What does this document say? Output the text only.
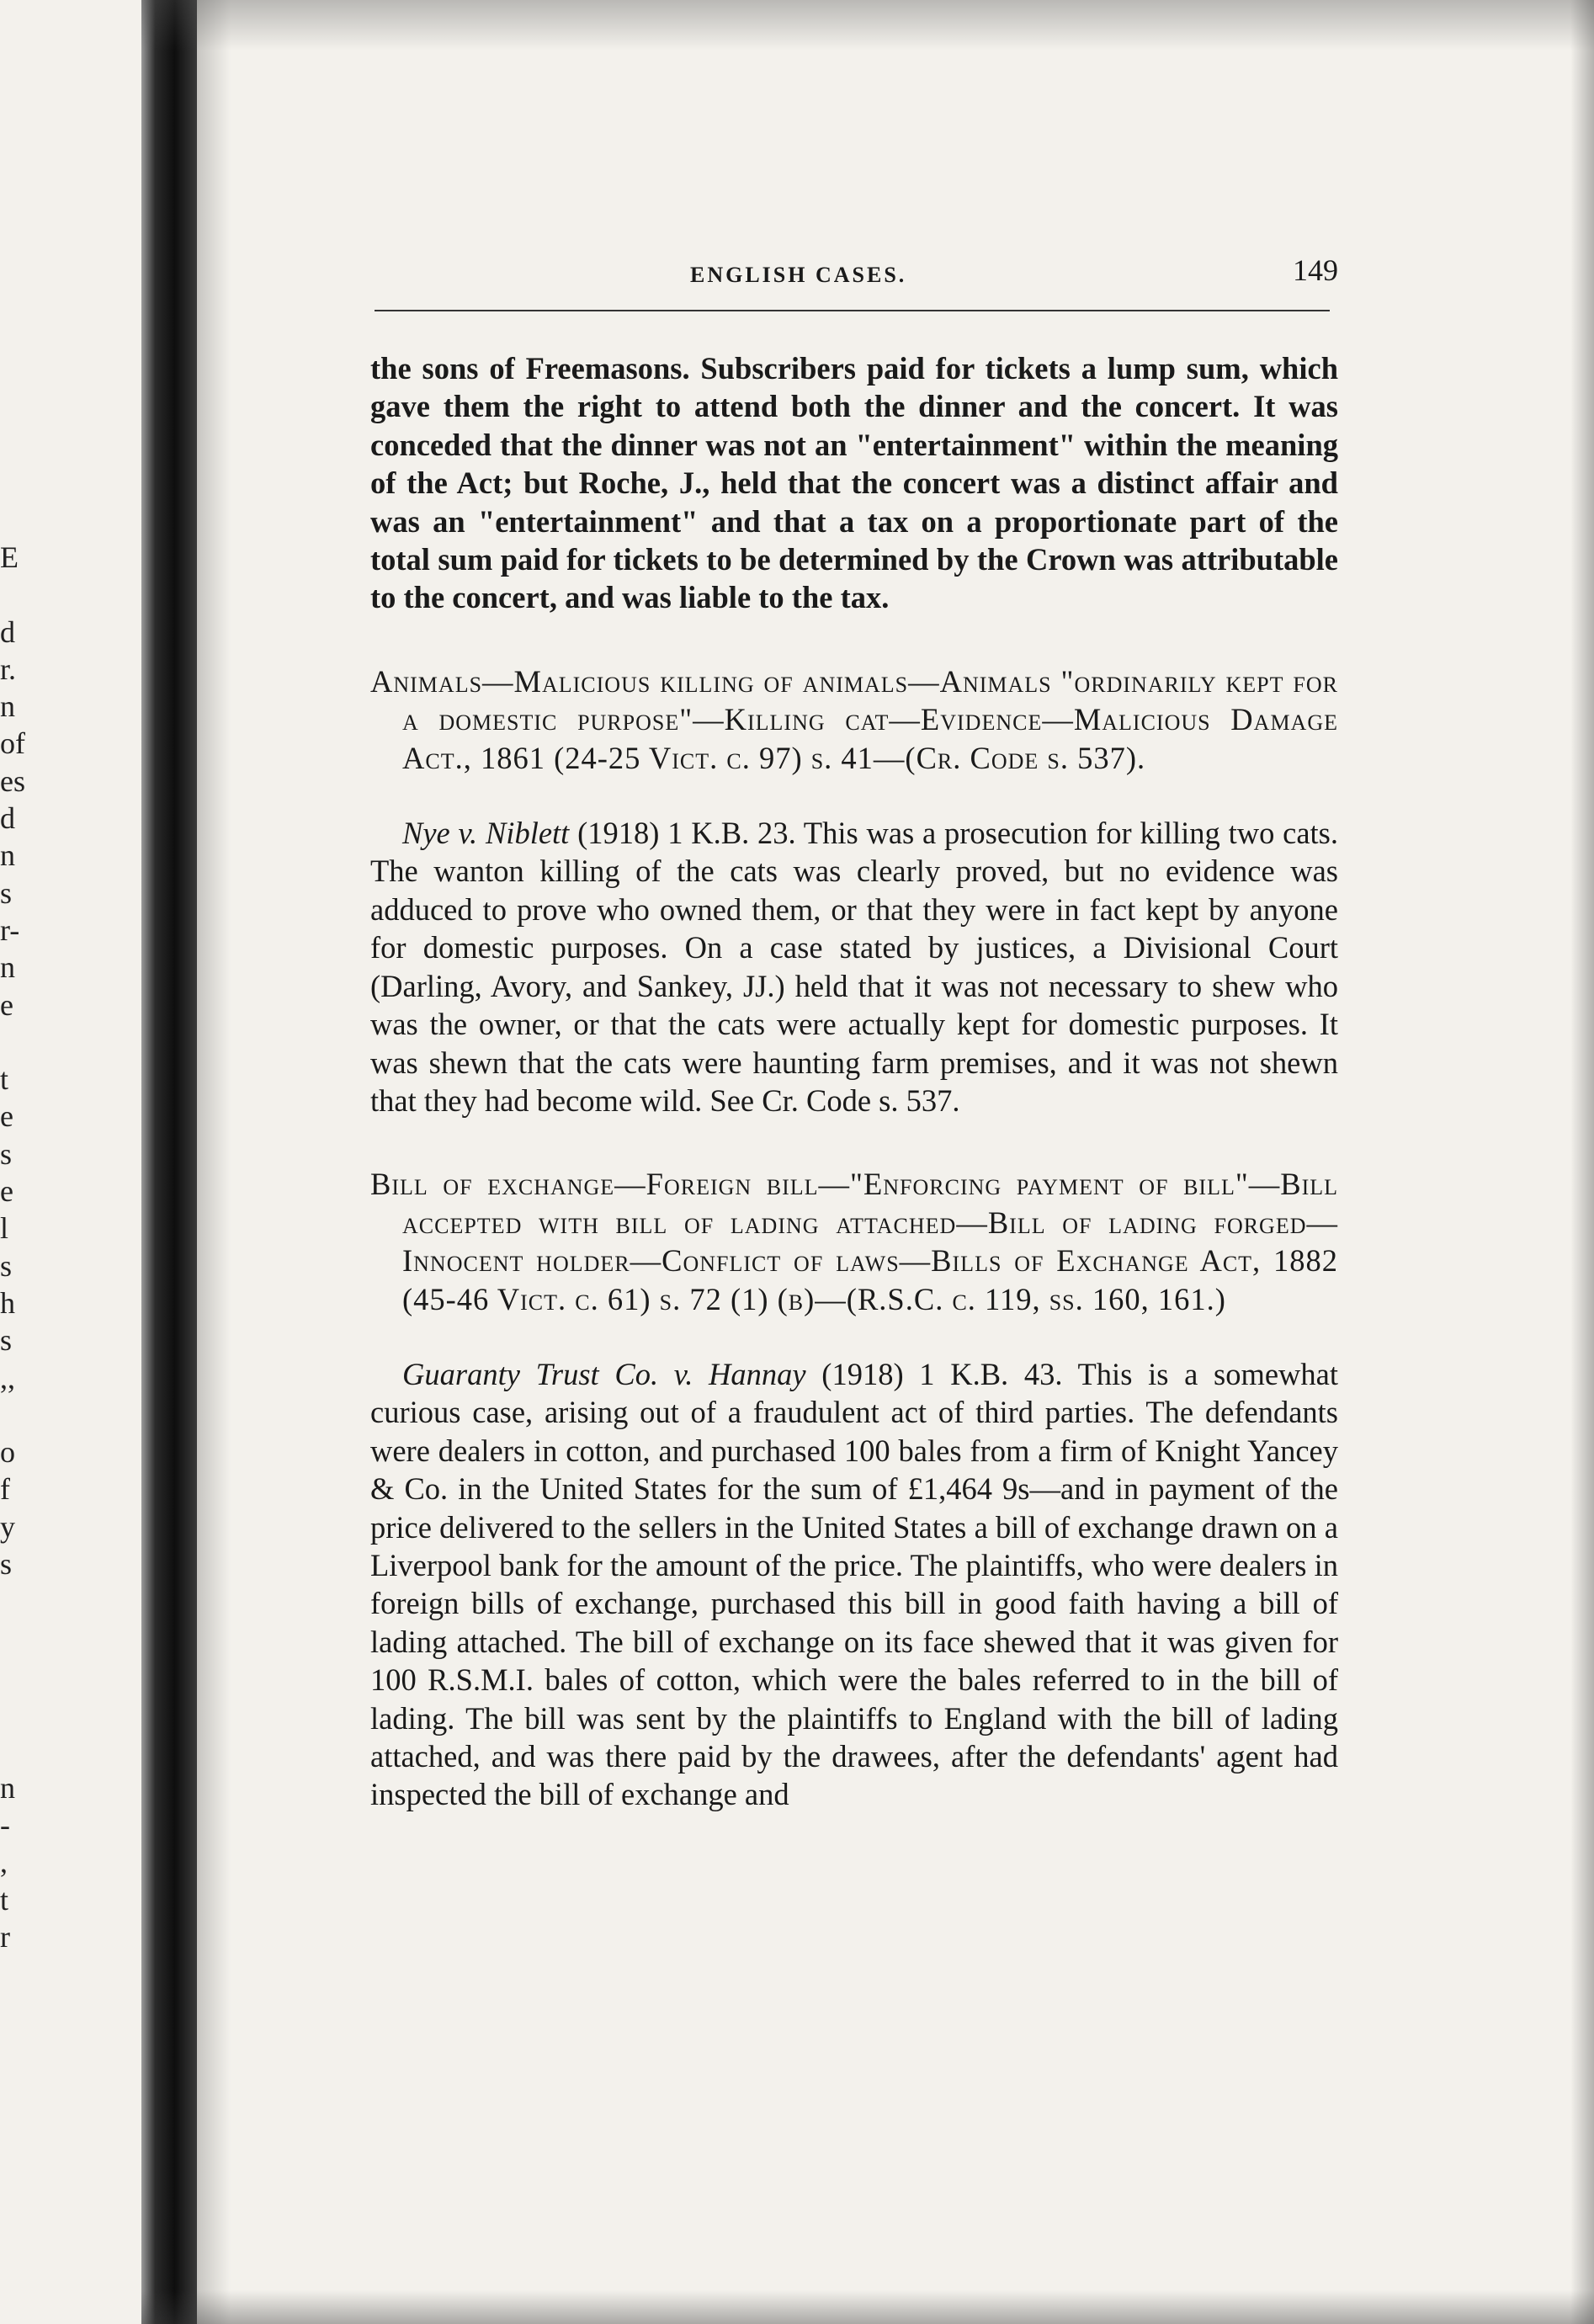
E
d
r.
n
of
es
d
n
s
r-
n
e
t
e
s
e
l
s
h
s
,,
o
f
y
s
n
-
,
t
r
ENGLISH CASES.	149

the sons of Freemasons. Subscribers paid for tickets a lump sum, which gave them the right to attend both the dinner and the concert. It was conceded that the dinner was not an "entertainment" within the meaning of the Act; but Roche, J., held that the concert was a distinct affair and was an "entertainment" and that a tax on a proportionate part of the total sum paid for tickets to be determined by the Crown was attributable to the concert, and was liable to the tax.

Animals—Malicious killing of animals—Animals "ordinarily kept for a domestic purpose"—Killing cat—Evidence—Malicious Damage Act., 1861 (24-25 Vict. c. 97) s. 41—(Cr. Code s. 537).

Nye v. Niblett (1918) 1 K.B. 23. This was a prosecution for killing two cats. The wanton killing of the cats was clearly proved, but no evidence was adduced to prove who owned them, or that they were in fact kept by anyone for domestic purposes. On a case stated by justices, a Divisional Court (Darling, Avory, and Sankey, JJ.) held that it was not necessary to shew who was the owner, or that the cats were actually kept for domestic purposes. It was shewn that the cats were haunting farm premises, and it was not shewn that they had become wild. See Cr. Code s. 537.

Bill of exchange—Foreign bill—"Enforcing payment of bill"—Bill accepted with bill of lading attached—Bill of lading forged—Innocent holder—Conflict of laws—Bills of Exchange Act, 1882 (45-46 Vict. c. 61) s. 72 (1) (b)—(R.S.C. c. 119, ss. 160, 161.)

Guaranty Trust Co. v. Hannay (1918) 1 K.B. 43. This is a somewhat curious case, arising out of a fraudulent act of third parties. The defendants were dealers in cotton, and purchased 100 bales from a firm of Knight Yancey & Co. in the United States for the sum of £1,464 9s—and in payment of the price delivered to the sellers in the United States a bill of exchange drawn on a Liverpool bank for the amount of the price. The plaintiffs, who were dealers in foreign bills of exchange, purchased this bill in good faith having a bill of lading attached. The bill of exchange on its face shewed that it was given for 100 R.S.M.I. bales of cotton, which were the bales referred to in the bill of lading. The bill was sent by the plaintiffs to England with the bill of lading attached, and was there paid by the drawees, after the defendants' agent had inspected the bill of exchange and
